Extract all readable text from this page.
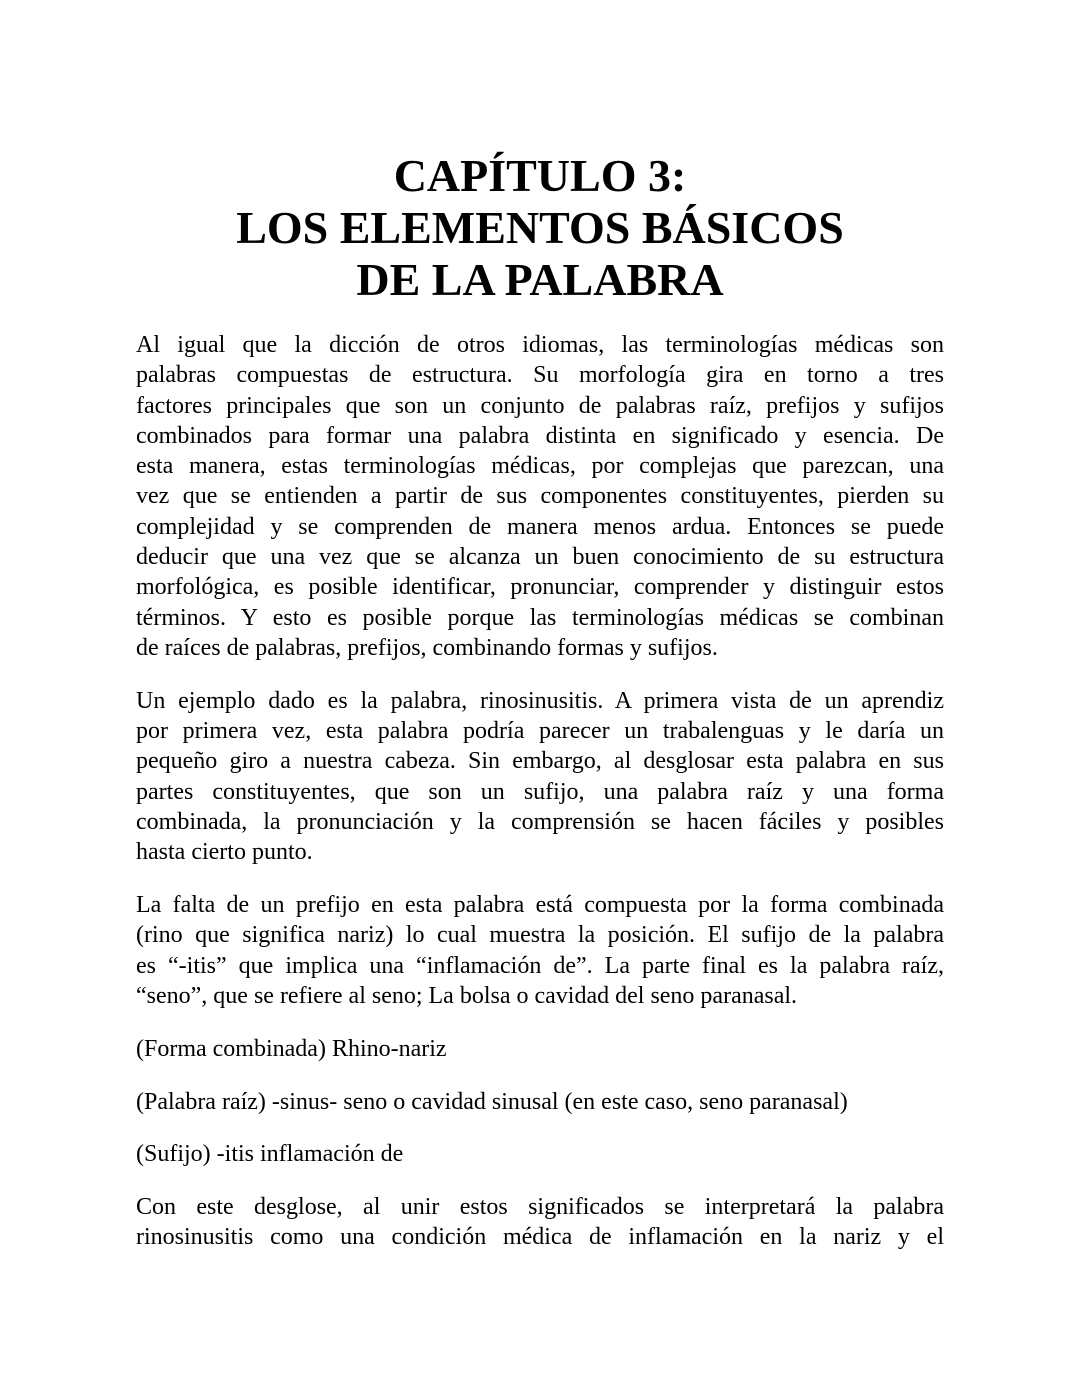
CAPÍTULO 3:
LOS ELEMENTOS BÁSICOS
DE LA PALABRA
Al igual que la dicción de otros idiomas, las terminologías médicas son
palabras compuestas de estructura. Su morfología gira en torno a tres
factores principales que son un conjunto de palabras raíz, prefijos y sufijos
combinados para formar una palabra distinta en significado y esencia. De
esta manera, estas terminologías médicas, por complejas que parezcan, una
vez que se entienden a partir de sus componentes constituyentes, pierden su
complejidad y se comprenden de manera menos ardua. Entonces se puede
deducir que una vez que se alcanza un buen conocimiento de su estructura
morfológica, es posible identificar, pronunciar, comprender y distinguir estos
términos. Y esto es posible porque las terminologías médicas se combinan
de raíces de palabras, prefijos, combinando formas y sufijos.
Un ejemplo dado es la palabra, rinosinusitis. A primera vista de un aprendiz
por primera vez, esta palabra podría parecer un trabalenguas y le daría un
pequeño giro a nuestra cabeza. Sin embargo, al desglosar esta palabra en sus
partes constituyentes, que son un sufijo, una palabra raíz y una forma
combinada, la pronunciación y la comprensión se hacen fáciles y posibles
hasta cierto punto.
La falta de un prefijo en esta palabra está compuesta por la forma combinada
(rino que significa nariz) lo cual muestra la posición. El sufijo de la palabra
es “-itis” que implica una “inflamación de”. La parte final es la palabra raíz,
“seno”, que se refiere al seno; La bolsa o cavidad del seno paranasal.
(Forma combinada) Rhino-nariz
(Palabra raíz) -sinus- seno o cavidad sinusal (en este caso, seno paranasal)
(Sufijo) -itis inflamación de
Con este desglose, al unir estos significados se interpretará la palabra
rinosinusitis como una condición médica de inflamación en la nariz y el
